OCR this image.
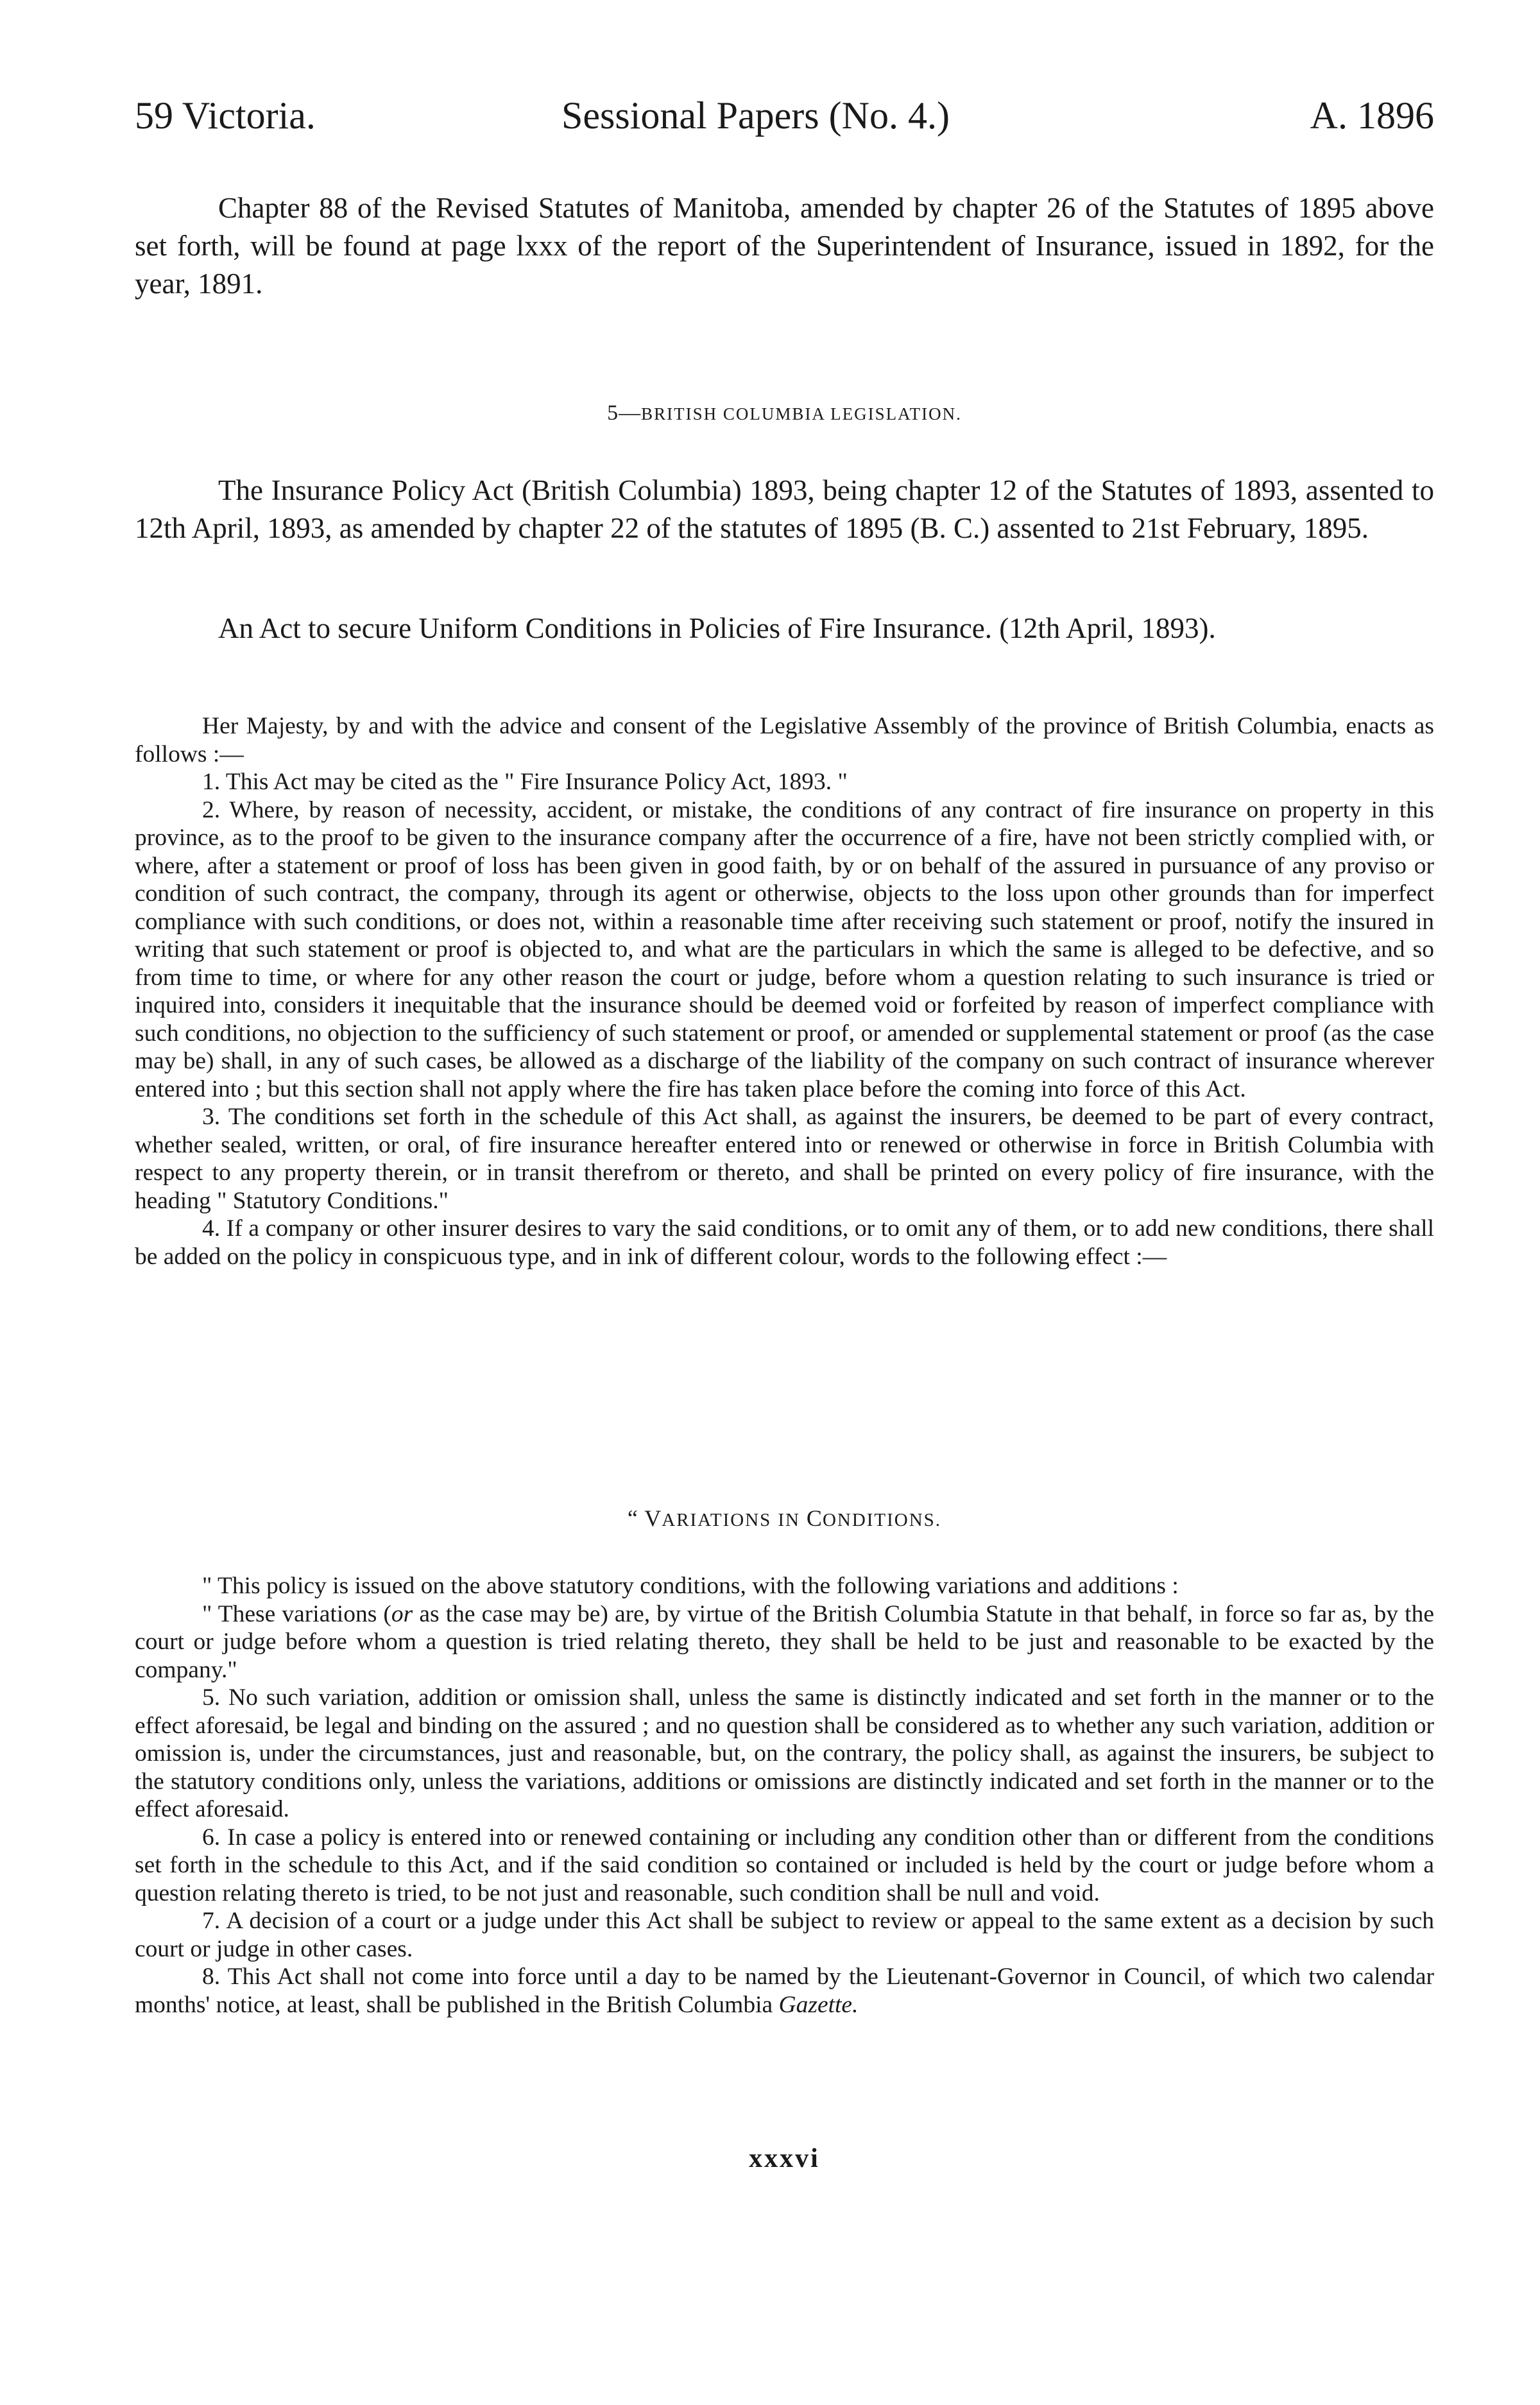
59 Victoria.	Sessional Papers (No. 4.)	A. 1896

Chapter 88 of the Revised Statutes of Manitoba, amended by chapter 26 of the Statutes of 1895 above set forth, will be found at page lxxx of the report of the Superintendent of Insurance, issued in 1892, for the year, 1891.

5—BRITISH COLUMBIA LEGISLATION.

The Insurance Policy Act (British Columbia) 1893, being chapter 12 of the Statutes of 1893, assented to 12th April, 1893, as amended by chapter 22 of the statutes of 1895 (B. C.) assented to 21st February, 1895.

An Act to secure Uniform Conditions in Policies of Fire Insurance. (12th April, 1893).

Her Majesty, by and with the advice and consent of the Legislative Assembly of the province of British Columbia, enacts as follows :—

1. This Act may be cited as the " Fire Insurance Policy Act, 1893. "

2. Where, by reason of necessity, accident, or mistake, the conditions of any contract of fire insurance on property in this province, as to the proof to be given to the insurance company after the occurrence of a fire, have not been strictly complied with, or where, after a statement or proof of loss has been given in good faith, by or on behalf of the assured in pursuance of any proviso or condition of such contract, the company, through its agent or otherwise, objects to the loss upon other grounds than for imperfect compliance with such conditions, or does not, within a reasonable time after receiving such statement or proof, notify the insured in writing that such statement or proof is objected to, and what are the particulars in which the same is alleged to be defective, and so from time to time, or where for any other reason the court or judge, before whom a question relating to such insurance is tried or inquired into, considers it inequitable that the insurance should be deemed void or forfeited by reason of imperfect compliance with such conditions, no objection to the sufficiency of such statement or proof, or amended or supplemental statement or proof (as the case may be) shall, in any of such cases, be allowed as a discharge of the liability of the company on such contract of insurance wherever entered into ; but this section shall not apply where the fire has taken place before the coming into force of this Act.

3. The conditions set forth in the schedule of this Act shall, as against the insurers, be deemed to be part of every contract, whether sealed, written, or oral, of fire insurance hereafter entered into or renewed or otherwise in force in British Columbia with respect to any property therein, or in transit therefrom or thereto, and shall be printed on every policy of fire insurance, with the heading " Statutory Conditions."

4. If a company or other insurer desires to vary the said conditions, or to omit any of them, or to add new conditions, there shall be added on the policy in conspicuous type, and in ink of different colour, words to the following effect :—

“ VARIATIONS IN CONDITIONS.

" This policy is issued on the above statutory conditions, with the following variations and additions :

" These variations (or as the case may be) are, by virtue of the British Columbia Statute in that behalf, in force so far as, by the court or judge before whom a question is tried relating thereto, they shall be held to be just and reasonable to be exacted by the company."

5. No such variation, addition or omission shall, unless the same is distinctly indicated and set forth in the manner or to the effect aforesaid, be legal and binding on the assured ; and no question shall be considered as to whether any such variation, addition or omission is, under the circumstances, just and reasonable, but, on the contrary, the policy shall, as against the insurers, be subject to the statutory conditions only, unless the variations, additions or omissions are distinctly indicated and set forth in the manner or to the effect aforesaid.

6. In case a policy is entered into or renewed containing or including any condition other than or different from the conditions set forth in the schedule to this Act, and if the said condition so contained or included is held by the court or judge before whom a question relating thereto is tried, to be not just and reasonable, such condition shall be null and void.

7. A decision of a court or a judge under this Act shall be subject to review or appeal to the same extent as a decision by such court or judge in other cases.

8. This Act shall not come into force until a day to be named by the Lieutenant-Governor in Council, of which two calendar months' notice, at least, shall be published in the British Columbia Gazette.

xxxvi
